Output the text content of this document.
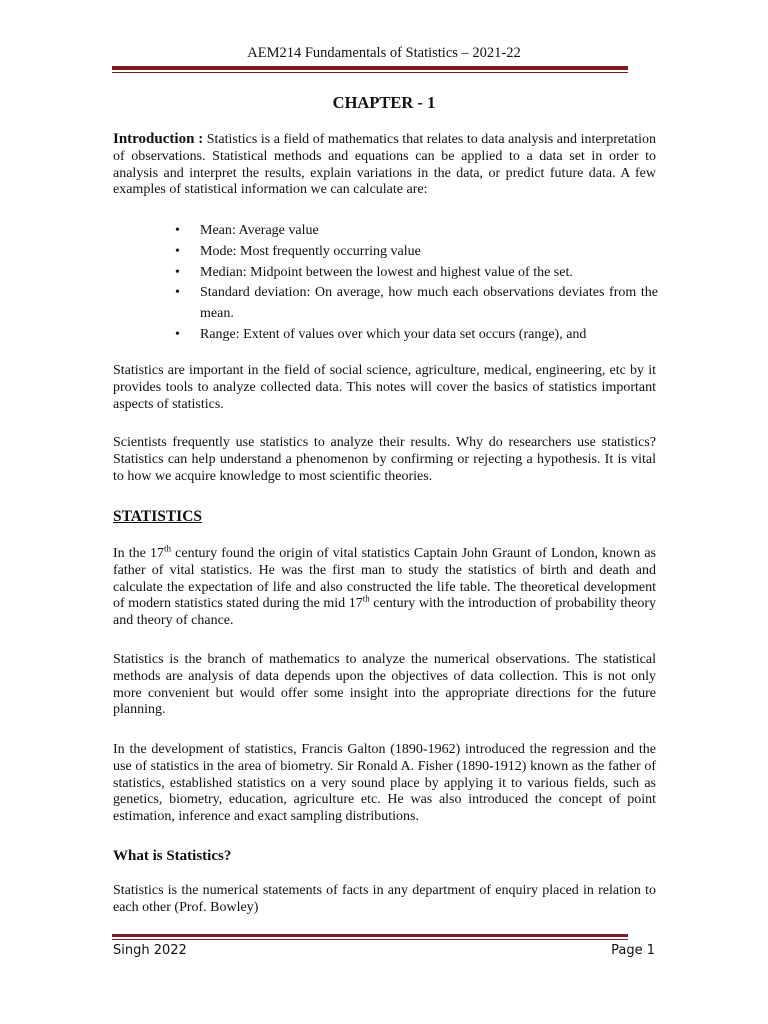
AEM214 Fundamentals of Statistics – 2021-22
CHAPTER - 1
Introduction : Statistics is a field of mathematics that relates to data analysis and interpretation of observations. Statistical methods and equations can be applied to a data set in order to analysis and interpret the results, explain variations in the data, or predict future data. A few examples of statistical information we can calculate are:
• Mean: Average value
• Mode: Most frequently occurring value
• Median: Midpoint between the lowest and highest value of the set.
• Standard deviation: On average, how much each observations deviates from the mean.
• Range: Extent of values over which your data set occurs (range), and
Statistics are important in the field of social science, agriculture, medical, engineering, etc by it provides tools to analyze collected data. This notes will cover the basics of statistics important aspects of statistics.
Scientists frequently use statistics to analyze their results. Why do researchers use statistics? Statistics can help understand a phenomenon by confirming or rejecting a hypothesis. It is vital to how we acquire knowledge to most scientific theories.
STATISTICS
In the 17th century found the origin of vital statistics Captain John Graunt of London, known as father of vital statistics. He was the first man to study the statistics of birth and death and calculate the expectation of life and also constructed the life table. The theoretical development of modern statistics stated during the mid 17th century with the introduction of probability theory and theory of chance.
Statistics is the branch of mathematics to analyze the numerical observations. The statistical methods are analysis of data depends upon the objectives of data collection. This is not only more convenient but would offer some insight into the appropriate directions for the future planning.
In the development of statistics, Francis Galton (1890-1962) introduced the regression and the use of statistics in the area of biometry. Sir Ronald A. Fisher (1890-1912) known as the father of statistics, established statistics on a very sound place by applying it to various fields, such as genetics, biometry, education, agriculture etc. He was also introduced the concept of point estimation, inference and exact sampling distributions.
What is Statistics?
Statistics is the numerical statements of facts in any department of enquiry placed in relation to each other (Prof. Bowley)
Singh 2022	Page 1
